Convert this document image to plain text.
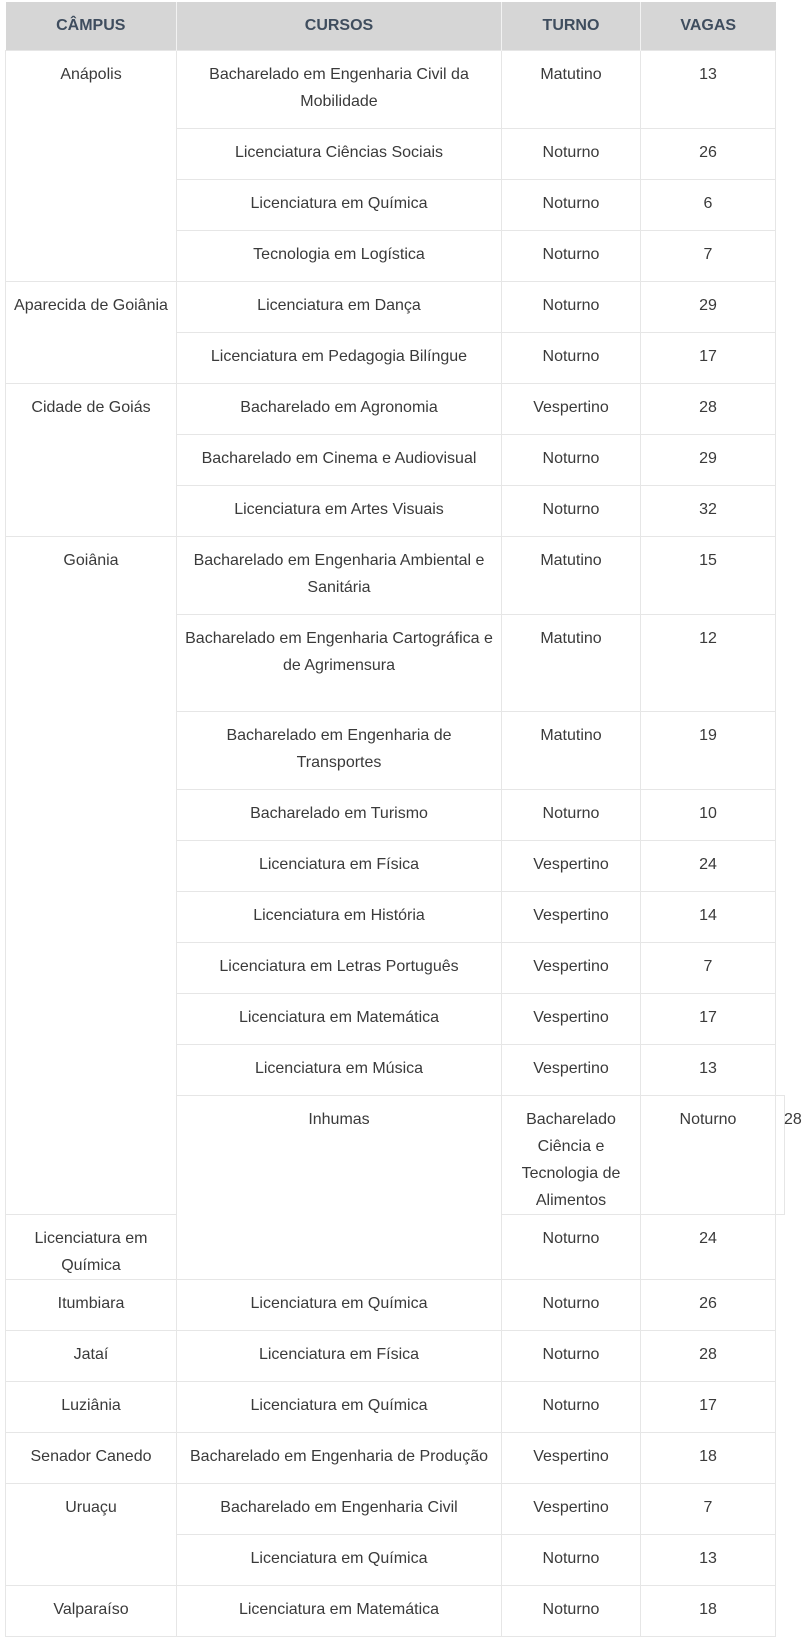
CÂMPUS	CURSOS	TURNO	VAGAS	
Anápolis	Bacharelado em Engenharia Civil da Mobilidade	Matutino	13	
	Licenciatura Ciências Sociais	Noturno	26	
	Licenciatura em Química	Noturno	6	
	Tecnologia em Logística	Noturno	7	
Aparecida de Goiânia	Licenciatura em Dança	Noturno	29	
	Licenciatura em Pedagogia Bilíngue	Noturno	17	
Cidade de Goiás	Bacharelado em Agronomia	Vespertino	28	
	Bacharelado em Cinema e Audiovisual	Noturno	29	
	Licenciatura em Artes Visuais	Noturno	32	
Goiânia	Bacharelado em Engenharia Ambiental e Sanitária	Matutino	15	
	Bacharelado em Engenharia Cartográfica e de Agrimensura	Matutino	12	
	Bacharelado em Engenharia de Transportes	Matutino	19	
	Bacharelado em Turismo	Noturno	10	
	Licenciatura em Física	Vespertino	24	
	Licenciatura em História	Vespertino	14	
	Licenciatura em Letras Português	Vespertino	7	
	Licenciatura em Matemática	Vespertino	17	
	Licenciatura em Música	Vespertino	13	
	Inhumas	Bacharelado Ciência e Tecnologia de Alimentos	Noturno	28
Licenciatura em Química		Noturno	24	
Itumbiara	Licenciatura em Química	Noturno	26	
Jataí	Licenciatura em Física	Noturno	28	
Luziânia	Licenciatura em Química	Noturno	17	
Senador Canedo	Bacharelado em Engenharia de Produção	Vespertino	18	
Uruaçu	Bacharelado em Engenharia Civil	Vespertino	7	
	Licenciatura em Química	Noturno	13	
Valparaíso	Licenciatura em Matemática	Noturno	18	
